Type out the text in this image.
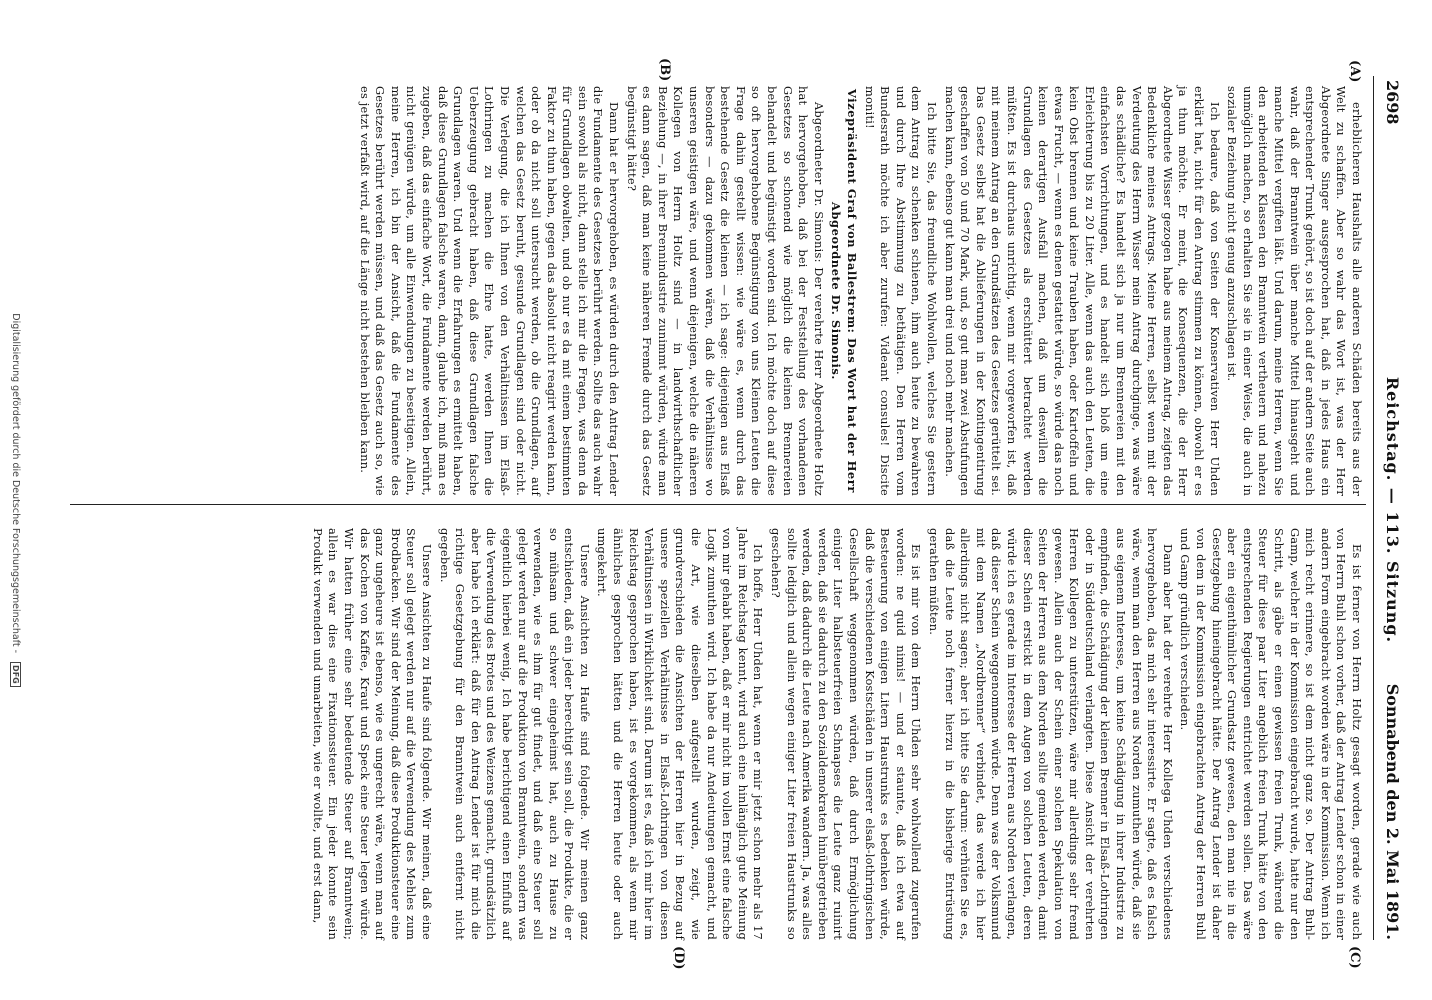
2698
Reichstag. — 113. Sitzung.
Sonnabend den 2. Mai 1891.
(A)
(B)
(C)
(D)

erheblicheren Haushalts alle anderen Schäden bereits aus der Welt zu schaffen. Aber so wahr das Wort ist, was der Herr Abgeordnete Singer ausgesprochen hat, daß in jedes Haus ein entsprechender Trunk gehört, so ist doch auf der andern Seite auch wahr, daß der Branntwein über manche Mittel hinausgeht und manche Mittel vergiften läßt. Und darum, meine Herren, wenn Sie den arbeitenden Klassen den Branntwein vertheuern und nahezu unmöglich machen, so erhalten Sie sie in einer Weise, die auch in sozialer Beziehung nicht genug anzuschlagen ist.

Ich bedaure, daß von Seiten der Konservativen Herr Uhden erklärt hat, nicht für den Antrag stimmen zu können, obwohl er es ja thun möchte. Er meint, die Konsequenzen, die der Herr Abgeordnete Wisser gezogen habe aus meinem Antrag, zeigten das Bedenkliche meines Antrags. Meine Herren, selbst wenn mit der Verdeutung des Herrn Wisser mein Antrag durchginge, was wäre das schädliche? Es handelt sich ja nur um Brennereien mit den einfachsten Vorrichtungen, und es handelt sich bloß um eine Erleichterung bis zu 20 Liter. Alle, wenn das auch den Leuten, die kein Obst brennen und keine Trauben haben, oder Kartoffeln und etwas Frucht, — wenn es denen gestattet würde, so würde das noch keinen derartigen Ausfall machen, daß um deswillen die Grundlagen des Gesetzes als erschüttert betrachtet werden müßten. Es ist durchaus unrichtig, wenn mir vorgeworfen ist, daß mit meinem Antrag an den Grundsätzen des Gesetzes gerüttelt sei. Das Gesetz selbst hat die Ablieferungen in der Kontingentirung geschaffen von 50 und 70 Mark, und, so gut man zwei Abstufungen machen kann, ebenso gut kann man drei und noch mehr machen.

Ich bitte Sie, das freundliche Wohlwollen, welches Sie gestern dem Antrag zu schenken schienen, ihm auch heute zu bewahren und durch Ihre Abstimmung zu bethätigen. Den Herren vom Bundesrath möchte ich aber zurufen: Videant consules! Discite moniti!

Vizepräsident Graf von Ballestrem: Das Wort hat der Herr Abgeordnete Dr. Simonis.

Abgeordneter Dr. Simonis: Der verehrte Herr Abgeordnete Holtz hat hervorgehoben, daß bei der Feststellung des vorhandenen Gesetzes so schonend wie möglich die kleinen Brennereien behandelt und begünstigt worden sind. Ich möchte doch auf diese so oft hervorgehobene Begünstigung von uns Kleinen Leuten die Frage dahin gestellt wissen: wie wäre es, wenn durch das bestehende Gesetz die kleinen — ich sage: diejenigen aus Elsaß besonders — dazu gekommen wären, daß die Verhältnisse wo unseren geistigen wäre, und wenn diejenigen, welche die näheren Kollegen von Herrn Holtz sind — in landwirthschaftlicher Beziehung —, in ihrer Brennindustrie zunimmt würden, würde man es dann sagen, daß man keine näheren Fremde durch das Gesetz begünstigt hätte?

Dann hat er hervorgehoben, es würden durch den Antrag Lender die Fundamente des Gesetzes berührt werden. Sollte das auch wahr sein sowohl als nicht, dann stelle ich mir die Fragen, was denn da für Grundlagen obwalten, und ob nur es da mit einem bestimmten Faktor zu thun haben, gegen das absolut nicht reagirt werden kann, oder ob da nicht soll untersucht werden, ob die Grundlagen, auf welchen das Gesetz beruht, gesunde Grundlagen sind oder nicht. Die Verlegung, die ich Ihnen von den Verhältnissen im Elsaß-Lothringen zu machen die Ehre hatte, werden Ihnen die Ueberzeugung gebracht haben, daß diese Grundlagen falsche Grundlagen waren. Und wenn die Erfahrungen es ermittelt haben, daß diese Grundlagen falsche waren, dann, glaube ich, muß man es zugeben, daß das einfache Wort, die Fundamente werden berührt, nicht genügen würde, um alle Einwendungen zu beseitigen. Allein, meine Herren, ich bin der Ansicht, daß die Fundamente des Gesetzes berührt werden müssen, und daß das Gesetz auch so, wie es jetzt verfaßt wird, auf die Länge nicht bestehen bleiben kann.

Es ist ferner von Herrn Holtz gesagt worden, gerade wie auch von Herrn Buhl schon vorher, daß der Antrag Lender schon in einer andern Form eingebracht worden wäre in der Kommission. Wenn ich mich recht erinnere, so ist dem nicht ganz so. Der Antrag Buhl-Gamp, welcher in der Kommission eingebracht wurde, hatte nur den Schritt, als gäbe er einen gewissen freien Trunk, während die Steuer für diese paar Liter angeblich freien Trunk hätte von den entsprechenden Regierungen entrichtet werden sollen. Das wäre aber ein eigenthümlicher Grundsatz gewesen, den man nie in die Gesetzgebung hineingebracht hätte. Der Antrag Lender ist daher von dem in der Kommission eingebrachten Antrag der Herren Buhl und Gamp gründlich verschieden.

Dann aber hat der verehrte Herr Kollega Uhden verschiedenes hervorgehoben, das mich sehr interessirte. Er sagte, daß es falsch wäre, wenn man den Herren aus Norden zumuthen würde, daß sie aus eigenem Interesse, um keine Schädigung in ihrer Industrie zu empfinden, die Schädigung der kleinen Brenner in Elsaß-Lothringen oder in Süddeutschland verlangten. Diese Ansicht der verehrten Herren Kollegen zu unterstützen, wäre mir allerdings sehr fremd gewesen. Allein auch der Schein einer solchen Spekulation von Seiten der Herren aus dem Norden sollte gemieden werden, damit dieser Schein erstickt in dem Augen von solchen Leuten, deren würde ich es gerade im Interesse der Herren aus Norden verlangen, daß dieser Schein weggenommen würde. Denn was der Volksmund mit dem Namen „Nordbrenner“ verbindet, das werde ich hier allerdings nicht sagen; aber ich bitte Sie darum: verhüten Sie es, daß die Leute noch ferner hierzu in die bisherige Entrüstung gerathen müßten.

Es ist mir von dem Herrn Uhden sehr wohlwollend zugerufen worden: ne quid nimis! — und er staunte, daß ich etwa auf Besteuerung von einigen Litern Haustrunks es bedenken würde, daß die verschiedenen Kostschäden in unserer elsaß-lothringischen Gesellschaft weggenommen würden, daß durch Ermöglichung einiger Liter halbsteuerfreien Schnapses die Leute ganz ruinirt werden, daß sie dadurch zu den Sozialdemokraten hinübergetrieben werden, daß dadurch die Leute nach Amerika wandern. Ja, was alles sollte lediglich und allein wegen einiger Liter freien Haustrunks so geschehen?

Ich hoffe, Herr Uhden hat, wenn er mir jetzt schon mehr als 17 Jahre im Reichstag kennt, wird auch eine hinlänglich gute Meinung von mir gehabt haben, daß er mir nicht im vollen Ernst eine falsche Logik zumuthen wird. Ich habe da nur Andeutungen gemacht, und die Art, wie dieselben aufgestellt wurden, zeigt, wie grundverschieden die Ansichten der Herren hier in Bezug auf unsere speziellen Verhältnisse in Elsaß-Lothringen von diesen Verhältnissen in Wirklichkeit sind. Darum ist es, daß ich mir hier im Reichstag gesprochen haben, ist es vorgekommen, als wenn mir ähnliches gesprochen hätten und die Herren heute oder auch umgekehrt.

Unsere Ansichten zu Haufe sind folgende. Wir meinen ganz entschieden, daß ein jeder berechtigt sein soll, die Produkte, die er so mühsam und schwer eingeheimst hat, auch zu Hause zu verwenden, wie es ihm für gut findet, und daß eine Steuer soll gelegt werden nur auf die Produktion von Branntwein, sondern was eigentlich hierbei wenig, Ich habe berichtigend einen Einfluß auf die Verwendung des Brotes und des Weizens gemacht, grundsätzlich aber habe ich erklärt: daß für den Antrag Lender ist für mich die richtige Gesetzgebung für den Branntwein auch entfernt nicht gegeben.

Unsere Ansichten zu Haufe sind folgende. Wir meinen, daß eine Steuer soll gelegt werden nur auf die Verwendung des Mehles zum Brodbacken. Wir sind der Meinung, daß diese Produktionsteuer eine ganz ungeheure ist ebenso, wie es ungerecht wäre, wenn man auf das Kochen von Kaffee, Kraut und Speck eine Steuer legen würde. Wir hatten früher eine sehr bedeutende Steuer auf Branntwein; allein es war dies eine Fixationssteuer. Ein jeder konnte sein Produkt verwenden und umarbeiten, wie er wollte, und erst dann,

Digitalisierung gefördert durch die Deutsche Forschungsgemeinschaft - DFG
